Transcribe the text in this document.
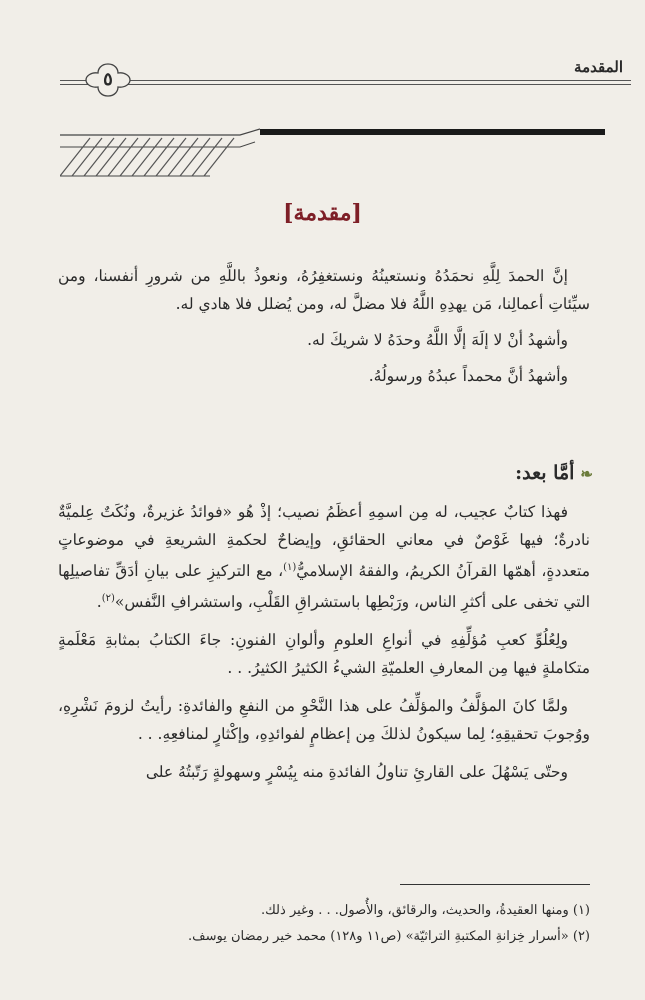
المقدمة
٥
[مقدمة]

إنَّ الحمدَ لِلَّهِ نحمَدُهُ ونستعينُهُ ونستغفِرُهُ، ونعوذُ باللَّهِ من شرورِ أنفسنا، ومن سيِّئاتِ أعمالِنا، مَن يهدِهِ اللَّهُ فلا مضلَّ له، ومن يُضلل فلا هادي له.

وأشهدُ أنْ لا إلَهَ إلَّا اللَّهُ وحدَهُ لا شريكَ له.

وأشهدُ أنَّ محمداً عبدُهُ ورسولُهُ.

❧أمَّا بعد:

فهذا كتابٌ عجيب، له مِن اسمِهِ أعظَمُ نصيب؛ إذْ هُو «فوائدُ غزيرةٌ، ونُكَتٌ عِلميَّةٌ نادرةٌ؛ فيها غَوْصٌ في معاني الحقائقِ، وإيضاحٌ لحكمةِ الشريعةِ في موضوعاتٍ متعددةٍ، أهمّها القرآنُ الكريمُ، والفقهُ الإسلاميُّ$^{(١)}$، مع التركيزِ على بيانِ أدَقِّ تفاصيلِها التي تخفى على أكثرِ الناس، ورَبْطِها باستشراقِ القَلْبِ، واستشرافِ النَّفس»$^{(٢)}$.

ولِعُلُوِّ كعبِ مُؤلِّفِهِ في أنواعِ العلومِ وألوانِ الفنونِ: جاءَ الكتابُ بمثابةِ مَعْلَمةٍ متكاملةٍ فيها مِن المعارفِ العلميّةِ الشيءُ الكثيرُ الكثيرُ. . .

ولمَّا كانَ المؤلَّفُ والمؤلِّفُ على هذا النَّحْوِ من النفعِ والفائدةِ: رأيتُ لزومَ نَشْرِهِ، ووُجوبَ تحقيقِهِ؛ لِما سيكونُ لذلكَ مِن إعظامٍ لفوائدِهِ، وإكْثارٍ لمنافعِهِ. . .

وحتّى يَسْهُلَ على القارئِ تناولُ الفائدةِ منه بِيُسْرٍ وسهولةٍ رَتّبتُهُ على

(١) ومنها العقيدةُ، والحديث، والرقائق، والأُصول. . . وغير ذلك.
(٢) «أسرار خِزانةِ المكتبةِ التراثيّة» (ص١١ و١٢٨) محمد خير رمضان يوسف.
